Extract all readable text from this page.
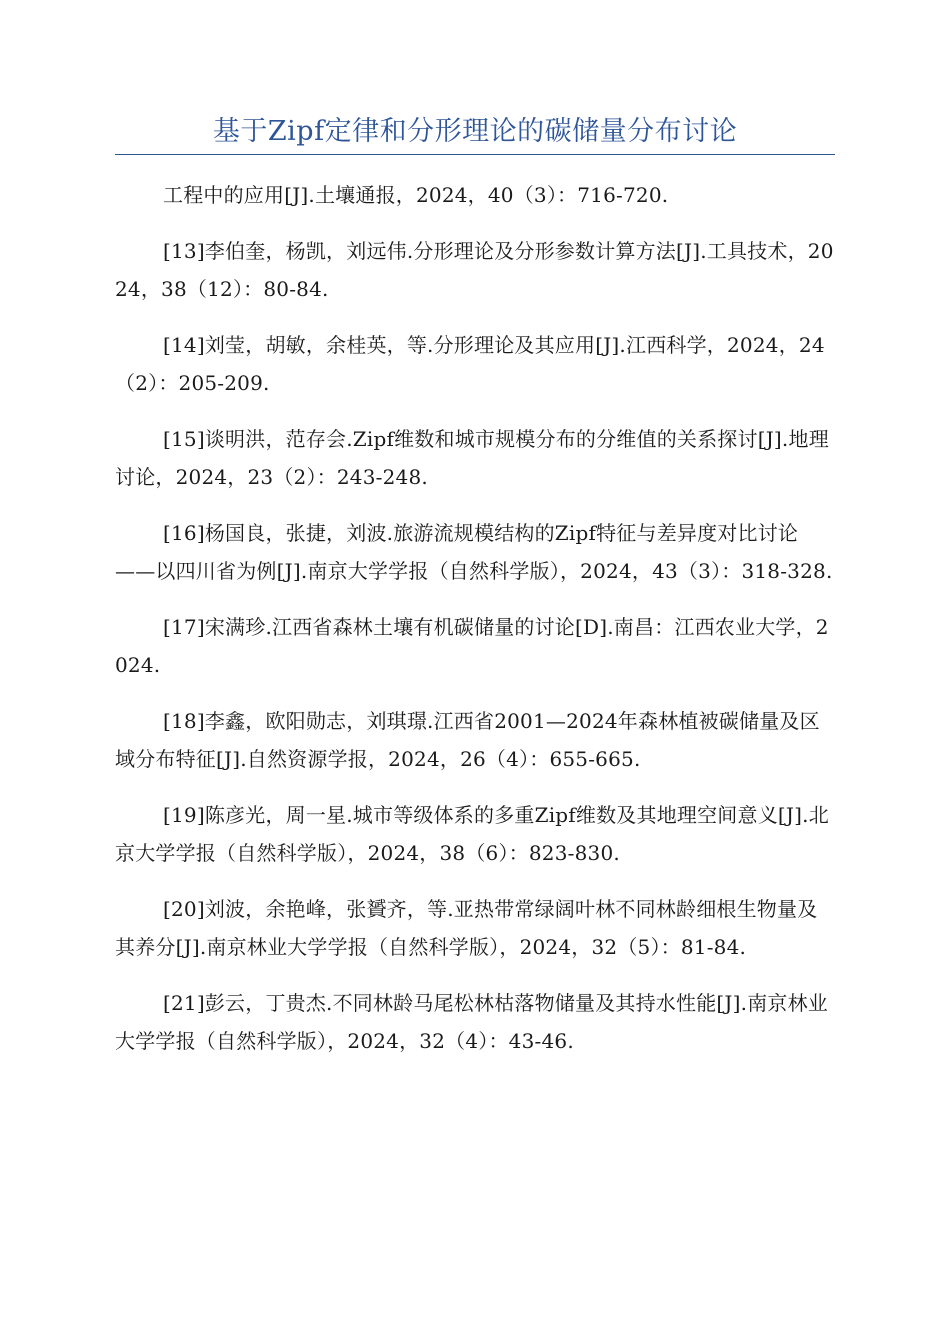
基于Zipf定律和分形理论的碳储量分布讨论

工程中的应用[J].土壤通报，2024，40（3）：716-720.

[13]李伯奎，杨凯，刘远伟.分形理论及分形参数计算方法[J].工具技术，2024，38（12）：80-84.

[14]刘莹，胡敏，余桂英，等.分形理论及其应用[J].江西科学，2024，24（2）：205-209.

[15]谈明洪，范存会.Zipf维数和城市规模分布的分维值的关系探讨[J].地理讨论，2024，23（2）：243-248.

[16]杨国良，张捷，刘波.旅游流规模结构的Zipf特征与差异度对比讨论——以四川省为例[J].南京大学学报（自然科学版），2024，43（3）：318-328.

[17]宋满珍.江西省森林土壤有机碳储量的讨论[D].南昌：江西农业大学，2024.

[18]李鑫，欧阳勋志，刘琪璟.江西省2001—2024年森林植被碳储量及区域分布特征[J].自然资源学报，2024，26（4）：655-665.

[19]陈彦光，周一星.城市等级体系的多重Zipf维数及其地理空间意义[J].北京大学学报（自然科学版），2024，38（6）：823-830.

[20]刘波，余艳峰，张贇齐，等.亚热带常绿阔叶林不同林龄细根生物量及其养分[J].南京林业大学学报（自然科学版），2024，32（5）：81-84.

[21]彭云，丁贵杰.不同林龄马尾松林枯落物储量及其持水性能[J].南京林业大学学报（自然科学版），2024，32（4）：43-46.
